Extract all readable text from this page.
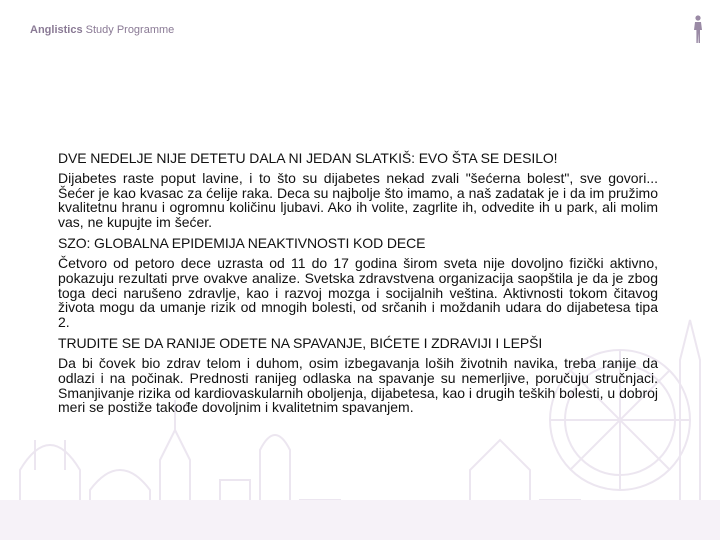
Anglistics Study Programme
DVE NEDELJE NIJE DETETU DALA NI JEDAN SLATKIŠ: EVO ŠTA SE DESILO!

Dijabetes raste poput lavine, i to što su dijabetes nekad zvali "šećerna bolest", sve govori... Šećer je kao kvasac za ćelije raka. Deca su najbolje što imamo, a naš zadatak je i da im pružimo kvalitetnu hranu i ogromnu količinu ljubavi. Ako ih volite, zagrlite ih, odvedite ih u park, ali molim vas, ne kupujte im šećer.

SZO: GLOBALNA EPIDEMIJA NEAKTIVNOSTI KOD DECE

Četvoro od petoro dece uzrasta od 11 do 17 godina širom sveta nije dovoljno fizički aktivno, pokazuju rezultati prve ovakve analize. Svetska zdravstvena organizacija saopštila je da je zbog toga deci narušeno zdravlje, kao i razvoj mozga i socijalnih veština. Aktivnosti tokom čitavog života mogu da umanje rizik od mnogih bolesti, od srčanih i moždanih udara do dijabetesa tipa 2.

TRUDITE SE DA RANIJE ODETE NA SPAVANJE, BIĆETE I ZDRAVIJI I LEPŠI

Da bi čovek bio zdrav telom i duhom, osim izbegavanja loših životnih navika, treba ranije da odlazi i na počinak. Prednosti ranijeg odlaska na spavanje su nemerljive, poručuju stručnjaci. Smanjivanje rizika od kardiovaskularnih oboljenja, dijabetesa, kao i drugih teških bolesti, u dobroj meri se postiže takođe dovoljnim i kvalitetnim spavanjem.
